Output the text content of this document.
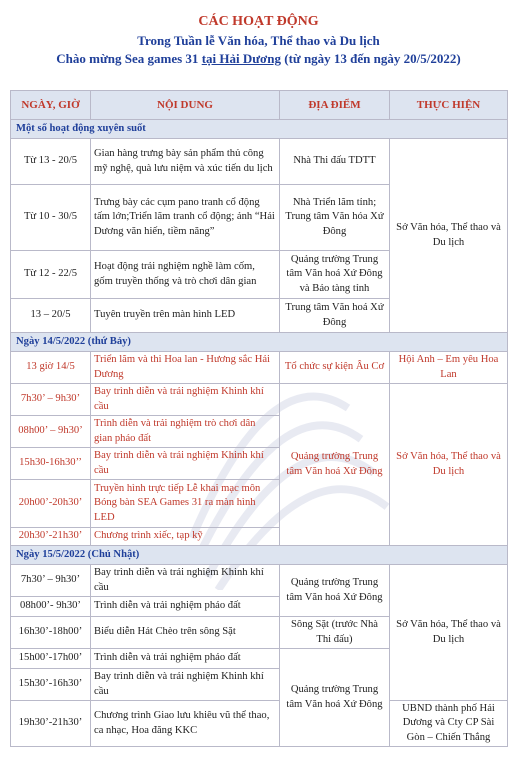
CÁC HOẠT ĐỘNG
Trong Tuần lễ Văn hóa, Thể thao và Du lịch
Chào mừng Sea games 31 tại Hải Dương (từ ngày 13 đến ngày 20/5/2022)
NGÀY, GIỜ	NỘI DUNG	ĐỊA ĐIỂM	THỰC HIỆN
Một số hoạt động xuyên suốt			
Từ 13 - 20/5	Gian hàng trưng bày sản phẩm thủ công mỹ nghệ, quà lưu niệm và xúc tiến du lịch	Nhà Thi đấu TDTT	Sở Văn hóa, Thể thao và Du lịch
Từ 10 - 30/5	Trưng bày các cụm pano tranh cổ động tấm lớn;Triển lãm tranh cổ động; ảnh “Hải Dương văn hiến, tiềm năng”	Nhà Triển lãm tỉnh; Trung tâm Văn hóa Xứ Đông	
Từ 12 - 22/5	Hoạt động trải nghiệm nghề làm cốm, gốm truyền thống và trò chơi dân gian	Quảng trường Trung tâm Văn hoá Xứ Đông và Bảo tàng tỉnh	
13 – 20/5	Tuyên truyền trên màn hình LED	Trung tâm Văn hoá Xứ Đông	
Ngày 14/5/2022 (thứ Bảy)			
13 giờ 14/5	Triển lãm và thi Hoa lan - Hương sắc Hải Dương	Tổ chức sự kiện Âu Cơ	Hội Anh – Em yêu Hoa Lan
7h30’ – 9h30’	Bay trình diễn và trải nghiệm Khinh khí cầu	Quảng trường Trung tâm Văn hoá Xứ Đông	Sở Văn hóa, Thể thao và Du lịch
08h00’ – 9h30’	Trình diễn và trải nghiệm trò chơi dân gian pháo đất		
15h30-16h30’’	Bay trình diễn và trải nghiệm Khinh khí cầu		
20h00’-20h30’	Truyền hình trực tiếp Lễ khai mạc môn Bóng bàn SEA Games 31 ra màn hình LED		
20h30’-21h30’	Chương trình xiếc, tạp kỹ		
Ngày 15/5/2022 (Chủ Nhật)			
7h30’ – 9h30’	Bay trình diễn và trải nghiệm Khinh khí cầu	Quảng trường Trung tâm Văn hoá Xứ Đông	Sở Văn hóa, Thể thao và Du lịch
08h00’- 9h30’	Trình diễn và trải nghiệm pháo đất		
16h30’-18h00’	Biểu diễn Hát Chèo trên sông Sặt	Sông Sặt (trước Nhà Thi đấu)	
15h00’-17h00’	Trình diễn và trải nghiệm pháo đất	Quảng trường Trung tâm Văn hoá Xứ Đông	
15h30’-16h30’	Bay trình diễn và trải nghiệm Khinh khí cầu		
19h30’-21h30’	Chương trình Giao lưu khiêu vũ thể thao, ca nhạc, Hoa đăng KKC		UBND thành phố Hải Dương và Cty CP Sài Gòn – Chiến Thắng
